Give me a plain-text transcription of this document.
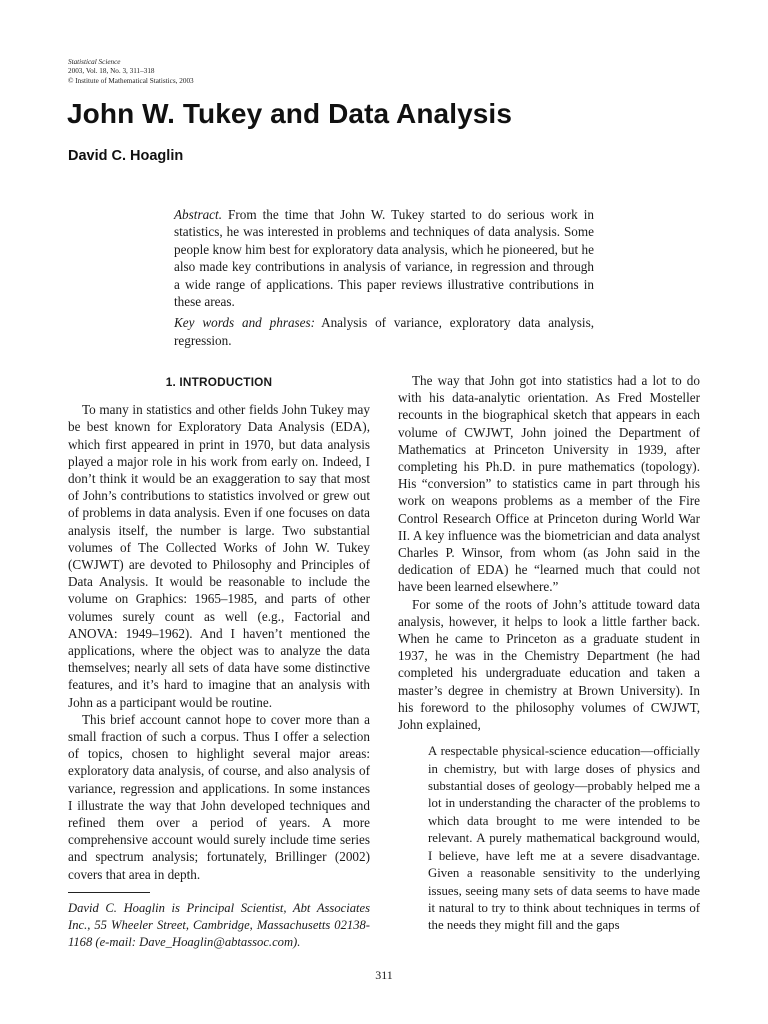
Statistical Science
2003, Vol. 18, No. 3, 311–318
© Institute of Mathematical Statistics, 2003
John W. Tukey and Data Analysis
David C. Hoaglin

Abstract. From the time that John W. Tukey started to do serious work in statistics, he was interested in problems and techniques of data analysis. Some people know him best for exploratory data analysis, which he pioneered, but he also made key contributions in analysis of variance, in regression and through a wide range of applications. This paper reviews illustrative contributions in these areas.

Key words and phrases: Analysis of variance, exploratory data analysis, regression.

1. INTRODUCTION

To many in statistics and other fields John Tukey may be best known for Exploratory Data Analysis (EDA), which first appeared in print in 1970, but data analysis played a major role in his work from early on. Indeed, I don’t think it would be an exaggeration to say that most of John’s contributions to statistics involved or grew out of problems in data analysis. Even if one focuses on data analysis itself, the number is large. Two substantial volumes of The Collected Works of John W. Tukey (CWJWT) are devoted to Philosophy and Principles of Data Analysis. It would be reasonable to include the volume on Graphics: 1965–1985, and parts of other volumes surely count as well (e.g., Factorial and ANOVA: 1949–1962). And I haven’t mentioned the applications, where the object was to analyze the data themselves; nearly all sets of data have some distinctive features, and it’s hard to imagine that an analysis with John as a participant would be routine.

This brief account cannot hope to cover more than a small fraction of such a corpus. Thus I offer a selection of topics, chosen to highlight several major areas: exploratory data analysis, of course, and also analysis of variance, regression and applications. In some instances I illustrate the way that John developed techniques and refined them over a period of years. A more comprehensive account would surely include time series and spectrum analysis; fortunately, Brillinger (2002) covers that area in depth.

The way that John got into statistics had a lot to do with his data-analytic orientation. As Fred Mosteller recounts in the biographical sketch that appears in each volume of CWJWT, John joined the Department of Mathematics at Princeton University in 1939, after completing his Ph.D. in pure mathematics (topology). His “conversion” to statistics came in part through his work on weapons problems as a member of the Fire Control Research Office at Princeton during World War II. A key influence was the biometrician and data analyst Charles P. Winsor, from whom (as John said in the dedication of EDA) he “learned much that could not have been learned elsewhere.”

For some of the roots of John’s attitude toward data analysis, however, it helps to look a little farther back. When he came to Princeton as a graduate student in 1937, he was in the Chemistry Department (he had completed his undergraduate education and taken a master’s degree in chemistry at Brown University). In his foreword to the philosophy volumes of CWJWT, John explained,

A respectable physical-science education—officially in chemistry, but with large doses of physics and substantial doses of geology—probably helped me a lot in understanding the character of the problems to which data brought to me were intended to be relevant. A purely mathematical background would, I believe, have left me at a severe disadvantage. Given a reasonable sensitivity to the underlying issues, seeing many sets of data seems to have made it natural to try to think about techniques in terms of the needs they might fill and the gaps
David C. Hoaglin is Principal Scientist, Abt Associates Inc., 55 Wheeler Street, Cambridge, Massachusetts 02138-1168 (e-mail: Dave_Hoaglin@abtassoc.com).
311
